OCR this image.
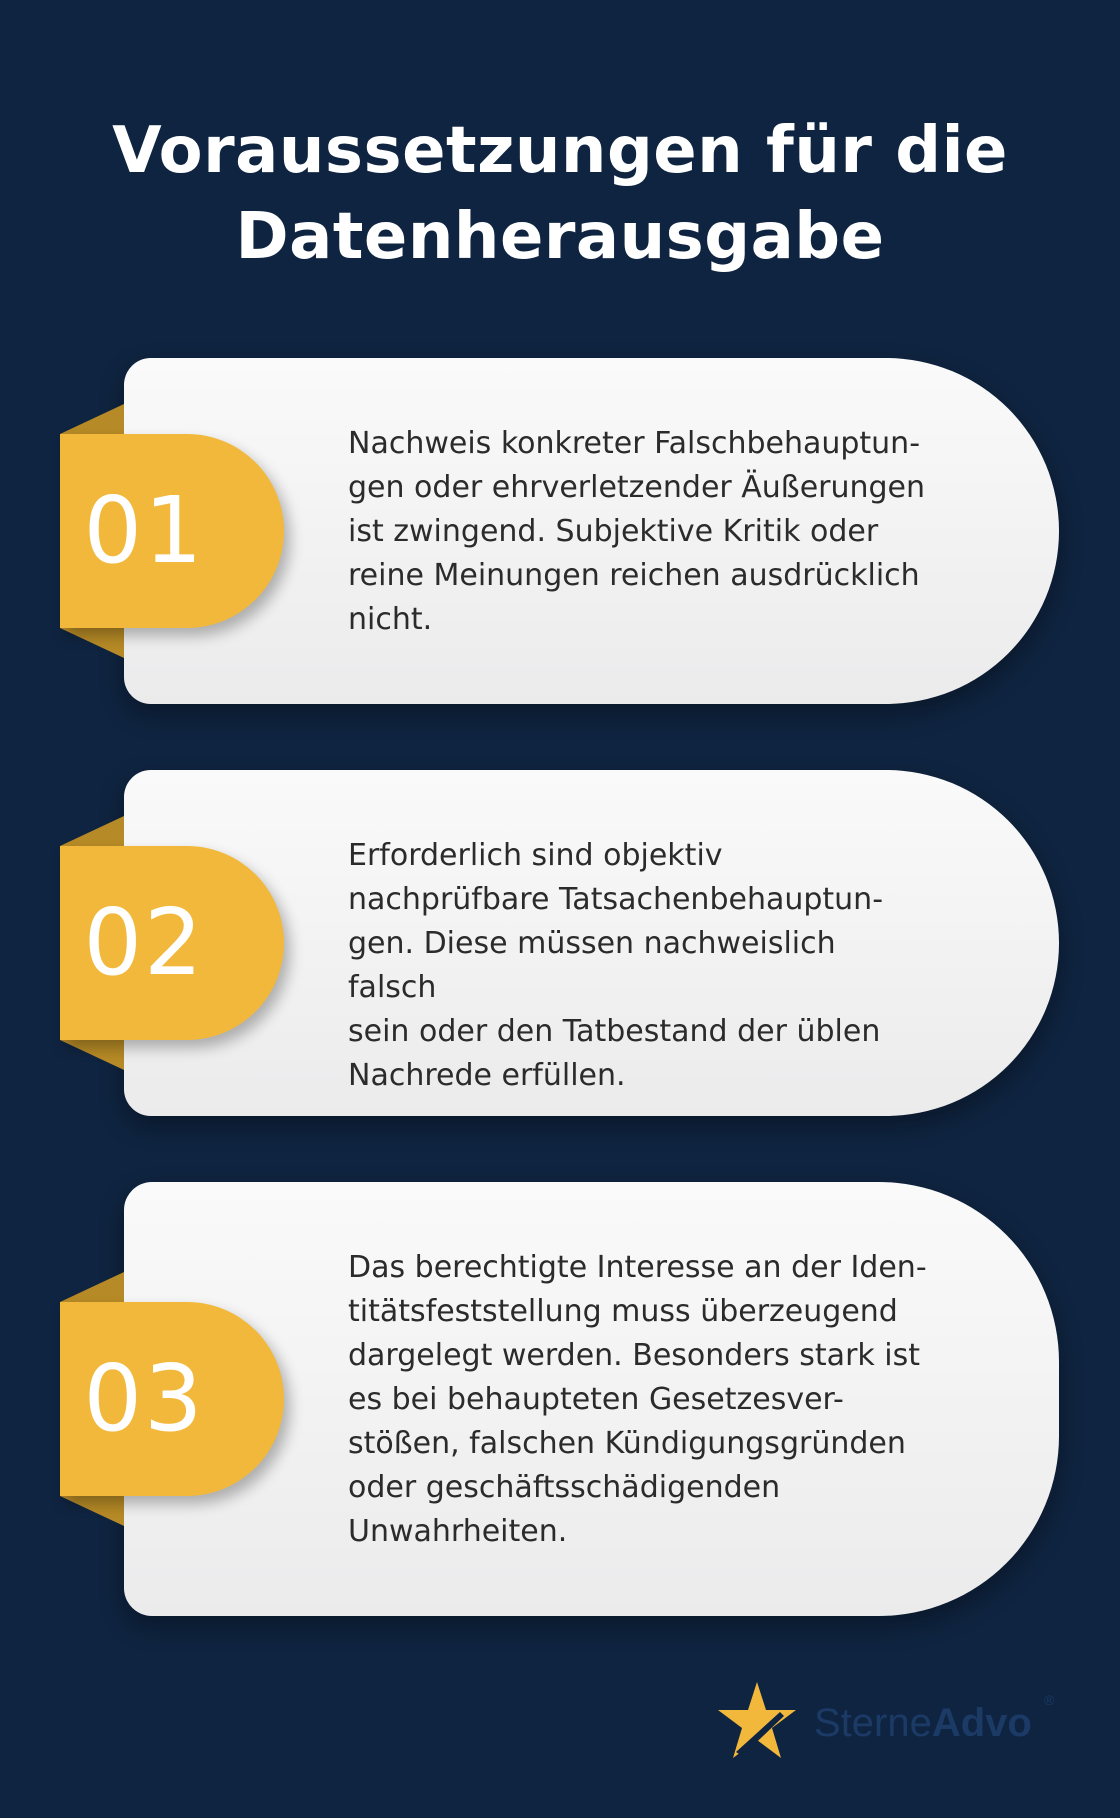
Voraussetzungen für die
Datenherausgabe
01
Nachweis konkreter Falschbehauptun-
gen oder ehrverletzender Äußerungen
ist zwingend. Subjektive Kritik oder
reine Meinungen reichen ausdrücklich
nicht.
02
Erforderlich sind objektiv
nachprüfbare Tatsachenbehauptun-
gen. Diese müssen nachweislich falsch
sein oder den Tatbestand der üblen
Nachrede erfüllen.
03
Das berechtigte Interesse an der Iden-
titätsfeststellung muss überzeugend
dargelegt werden. Besonders stark ist
es bei behaupteten Gesetzesver-
stößen, falschen Kündigungsgründen
oder geschäftsschädigenden
Unwahrheiten.
SterneAdvo
®
